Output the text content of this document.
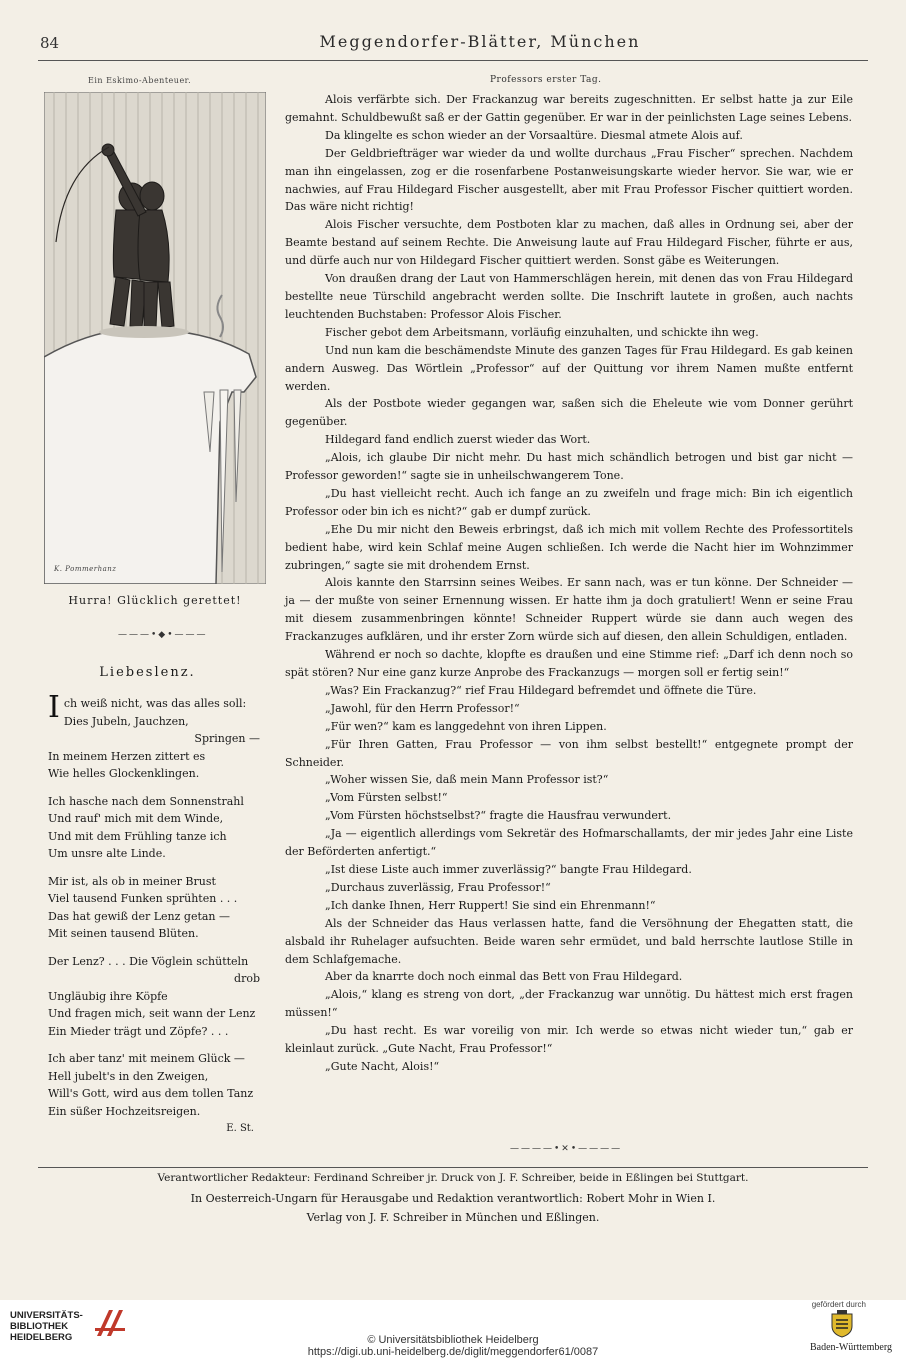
84	Meggendorfer-Blätter, München
Ein Eskimo-Abenteuer.
K. Pommerhanz
Hurra! Glücklich gerettet!
———•◆•———
Liebeslenz.
Ich weiß nicht, was das alles soll:
Dies Jubeln, Jauchzen,
Springen —
In meinem Herzen zittert es
Wie helles Glockenklingen.
Ich hasche nach dem Sonnenstrahl
Und rauf' mich mit dem Winde,
Und mit dem Frühling tanze ich
Um unsre alte Linde.
Mir ist, als ob in meiner Brust
Viel tausend Funken sprühten . . .
Das hat gewiß der Lenz getan —
Mit seinen tausend Blüten.
Der Lenz? . . . Die Vöglein schütteln
drob
Ungläubig ihre Köpfe
Und fragen mich, seit wann der Lenz
Ein Mieder trägt und Zöpfe? . . .
Ich aber tanz' mit meinem Glück —
Hell jubelt's in den Zweigen,
Will's Gott, wird aus dem tollen Tanz
Ein süßer Hochzeitsreigen.
E. St.
Professors erster Tag.

Alois verfärbte sich. Der Frackanzug war bereits zugeschnitten. Er selbst hatte ja zur Eile gemahnt. Schuldbewußt saß er der Gattin gegenüber. Er war in der peinlichsten Lage seines Lebens.

Da klingelte es schon wieder an der Vorsaaltüre. Diesmal atmete Alois auf.

Der Geldbriefträger war wieder da und wollte durchaus „Frau Fischer“ sprechen. Nachdem man ihn eingelassen, zog er die rosenfarbene Postanweisungskarte wieder hervor. Sie war, wie er nachwies, auf Frau Hildegard Fischer ausgestellt, aber mit Frau Professor Fischer quittiert worden. Das wäre nicht richtig!

Alois Fischer versuchte, dem Postboten klar zu machen, daß alles in Ordnung sei, aber der Beamte bestand auf seinem Rechte. Die Anweisung laute auf Frau Hildegard Fischer, führte er aus, und dürfe auch nur von Hildegard Fischer quittiert werden. Sonst gäbe es Weiterungen.

Von draußen drang der Laut von Hammerschlägen herein, mit denen das von Frau Hildegard bestellte neue Türschild angebracht werden sollte. Die Inschrift lautete in großen, auch nachts leuchtenden Buchstaben: Professor Alois Fischer.

Fischer gebot dem Arbeitsmann, vorläufig einzuhalten, und schickte ihn weg.

Und nun kam die beschämendste Minute des ganzen Tages für Frau Hildegard. Es gab keinen andern Ausweg. Das Wörtlein „Professor“ auf der Quittung vor ihrem Namen mußte entfernt werden.

Als der Postbote wieder gegangen war, saßen sich die Eheleute wie vom Donner gerührt gegenüber.

Hildegard fand endlich zuerst wieder das Wort.

„Alois, ich glaube Dir nicht mehr. Du hast mich schändlich betrogen und bist gar nicht — Professor geworden!“ sagte sie in unheilschwangerem Tone.

„Du hast vielleicht recht. Auch ich fange an zu zweifeln und frage mich: Bin ich eigentlich Professor oder bin ich es nicht?“ gab er dumpf zurück.

„Ehe Du mir nicht den Beweis erbringst, daß ich mich mit vollem Rechte des Professortitels bedient habe, wird kein Schlaf meine Augen schließen. Ich werde die Nacht hier im Wohnzimmer zubringen,“ sagte sie mit drohendem Ernst.

Alois kannte den Starrsinn seines Weibes. Er sann nach, was er tun könne. Der Schneider — ja — der mußte von seiner Ernennung wissen. Er hatte ihm ja doch gratuliert! Wenn er seine Frau mit diesem zusammenbringen könnte! Schneider Ruppert würde sie dann auch wegen des Frackanzuges aufklären, und ihr erster Zorn würde sich auf diesen, den allein Schuldigen, entladen.

Während er noch so dachte, klopfte es draußen und eine Stimme rief: „Darf ich denn noch so spät stören? Nur eine ganz kurze Anprobe des Frackanzugs — morgen soll er fertig sein!“

„Was? Ein Frackanzug?“ rief Frau Hildegard befremdet und öffnete die Türe.

„Jawohl, für den Herrn Professor!“

„Für wen?“ kam es langgedehnt von ihren Lippen.

„Für Ihren Gatten, Frau Professor — von ihm selbst bestellt!“ entgegnete prompt der Schneider.

„Woher wissen Sie, daß mein Mann Professor ist?“

„Vom Fürsten selbst!“

„Vom Fürsten höchstselbst?“ fragte die Hausfrau verwundert.

„Ja — eigentlich allerdings vom Sekretär des Hofmarschallamts, der mir jedes Jahr eine Liste der Beförderten anfertigt.“

„Ist diese Liste auch immer zuverlässig?“ bangte Frau Hildegard.

„Durchaus zuverlässig, Frau Professor!“

„Ich danke Ihnen, Herr Ruppert! Sie sind ein Ehrenmann!“

Als der Schneider das Haus verlassen hatte, fand die Versöhnung der Ehegatten statt, die alsbald ihr Ruhelager aufsuchten. Beide waren sehr ermüdet, und bald herrschte lautlose Stille in dem Schlafgemache.

Aber da knarrte doch noch einmal das Bett von Frau Hildegard.

„Alois,“ klang es streng von dort, „der Frackanzug war unnötig. Du hättest mich erst fragen müssen!“

„Du hast recht. Es war voreilig von mir. Ich werde so etwas nicht wieder tun,“ gab er kleinlaut zurück. „Gute Nacht, Frau Professor!“

„Gute Nacht, Alois!“

————•✕•————
Verantwortlicher Redakteur: Ferdinand Schreiber jr. Druck von J. F. Schreiber, beide in Eßlingen bei Stuttgart.
In Oesterreich-Ungarn für Herausgabe und Redaktion verantwortlich: Robert Mohr in Wien I.
Verlag von J. F. Schreiber in München und Eßlingen.
UNIVERSITÄTS-
BIBLIOTHEK
HEIDELBERG	© Universitätsbibliothek Heidelberg
https://digi.ub.uni-heidelberg.de/diglit/meggendorfer61/0087
gefördert durch
Baden-Württemberg
